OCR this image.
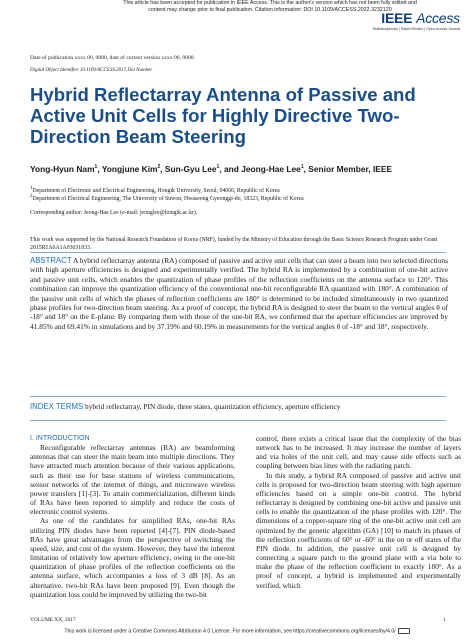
This article has been accepted for publication in IEEE Access. This is the author's version which has not been fully edited and
content may change prior to final publication. Citation information: DOI 10.1109/ACCESS.2022.3232120
IEEE Access
Multidisciplinary | Rapid Review | Open Access Journal
Date of publication xxxx 00, 0000, date of current version xxxx 00, 0000.
Digital Object Identifier 10.1109/ACCESS.2017.Doi Number
Hybrid Reflectarray Antenna of Passive and Active Unit Cells for Highly Directive Two-Direction Beam Steering

Yong-Hyun Nam$^1$, Yongjune Kim$^2$, Sun-Gyu Lee$^1$, and Jeong-Hae Lee$^1$, Senior Member, IEEE

$^1$Department of Electronic and Electrical Engineering, Hongik University, Seoul, 04066, Republic of Korea
$^2$Department of Electrical Engineering, The University of Suwon, Hwaseong Gyeonggi-do, 18323, Republic of Korea
Corresponding author: Jeong-Hae Lee (e-mail: jeonglee@hongik.ac.kr).
This work was supported by the National Research Foundation of Korea (NRF), funded by the Ministry of Education through the Basic Science Research Program under Grant 2015R1A6A1A03031833.
ABSTRACT A hybrid reflectarray antenna (RA) composed of passive and active unit cells that can steer a beam into two selected directions with high aperture efficiencies is designed and experimentally verified. The hybrid RA is implemented by a combination of one-bit active and passive unit cells, which enables the quantization of phase profiles of the reflection coefficients on the antenna surface to 120°. This combination can improve the quantization efficiency of the conventional one-bit reconfigurable RA quantized with 180°. A combination of the passive unit cells of which the phases of reflection coefficients are 180° is determined to be included simultaneously in two quantized phase profiles for two-direction beam steering. As a proof of concept, the hybrid RA is designed to steer the beam to the vertical angles θ of -18° and 18° on the E-plane. By comparing them with those of the one-bit RA, we confirmed that the aperture efficiencies are improved by 41.85% and 69.41% in simulations and by 37.19% and 60.19% in measurements for the vertical angles θ of -18° and 18°, respectively.
INDEX TERMS hybrid reflectarray, PIN diode, three states, quantization efficiency, aperture efficiency

I. INTRODUCTION

Reconfigurable reflectarray antennas (RA) are beamforming antennas that can steer the main beam into multiple directions. They have attracted much attention because of their various applications, such as their use for base stations of wireless communications, sensor networks of the internet of things, and microwave wireless power transfers [1]-[3]. To attain commercialization, different kinds of RAs have been reported to simplify and reduce the costs of electronic control systems.

As one of the candidates for simplified RAs, one-bit RAs utilizing PIN diodes have been reported [4]-[7]. PIN diode-based RAs have great advantages from the perspective of switching the speed, size, and cost of the system. However, they have the inherent limitation of relatively low aperture efficiency, owing to the one-bit quantization of phase profiles of the reflection coefficients on the antenna surface, which accompanies a loss of 3 dB [8]. As an alternative, two-bit RAs have been proposed [9]. Even though the quantization loss could be improved by utilizing the two-bit

control, there exists a critical issue that the complexity of the bias network has to be increased. It may increase the number of layers and via holes of the unit cell, and may cause side effects such as coupling between bias lines with the radiating patch.

In this study, a hybrid RA composed of passive and active unit cells is proposed for two-direction beam steering with high aperture efficiencies based on a simple one-bit control. The hybrid reflectarray is designed by combining one-bit active and passive unit cells to enable the quantization of the phase profiles with 120°. The dimensions of a copper-square ring of the one-bit active unit cell are optimized by the genetic algorithm (GA) [10] to match its phases of the reflection coefficients of 60° or -60° in the on or off states of the PIN diode. In addition, the passive unit cell is designed by connecting a square patch to the ground plane with a via hole to make the phase of the reflection coefficient to exactly 180°. As a proof of concept, a hybrid is implemented and experimentally verified, which

VOLUME XX, 2017	1
This work is licensed under a Creative Commons Attribution 4.0 License. For more information, see https://creativecommons.org/licenses/by/4.0/
